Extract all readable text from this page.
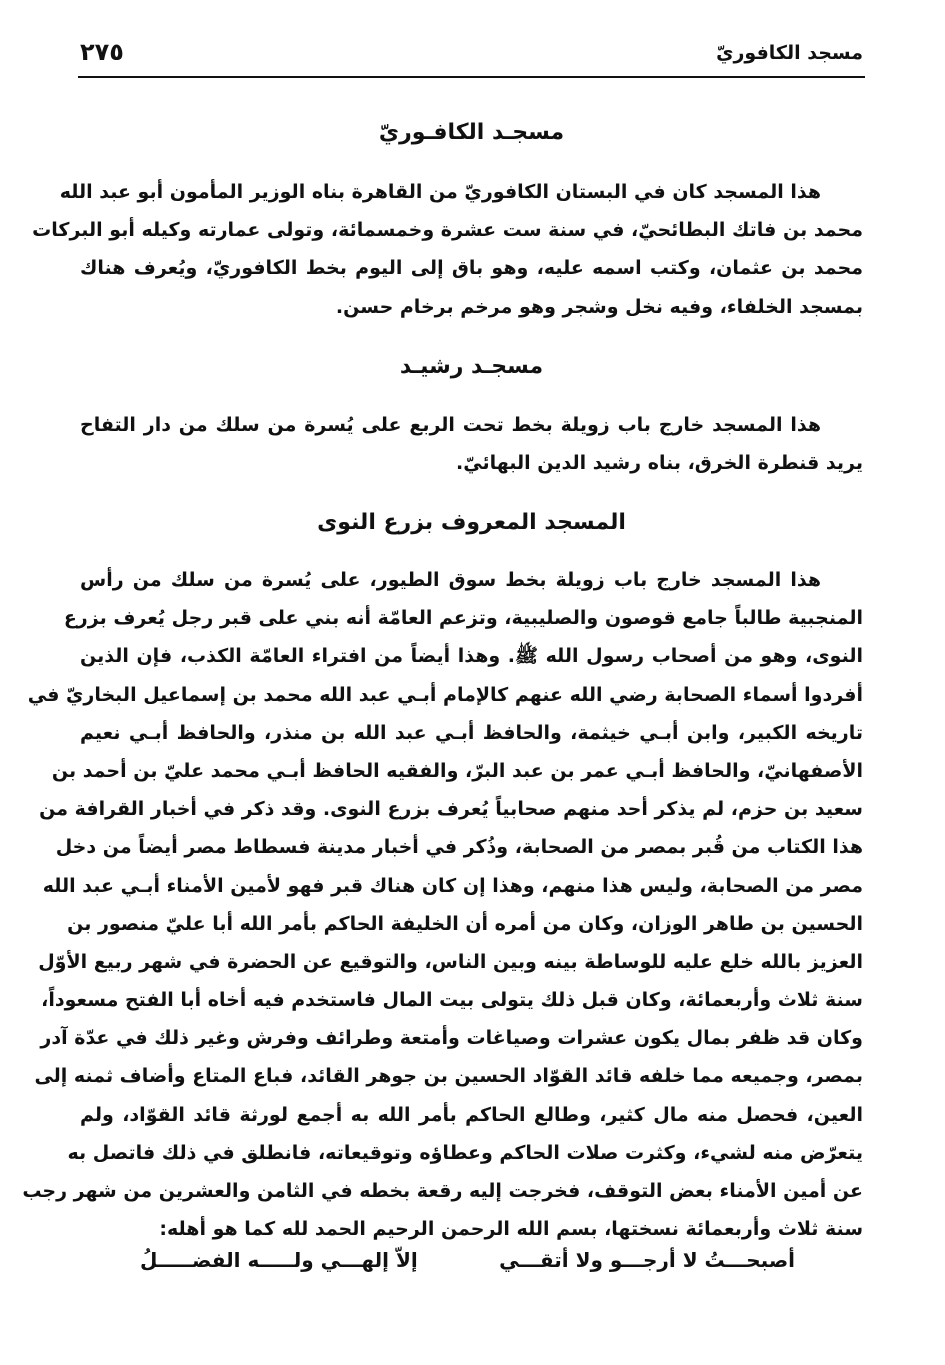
مسجد الكافوريّ
٢٧٥
مسجـد الكافـوريّ
هذا المسجد كان في البستان الكافوريّ من القاهرة بناه الوزير المأمون أبو عبد الله
محمد بن فاتك البطائحيّ، في سنة ست عشرة وخمسمائة، وتولى عمارته وكيله أبو البركات
محمد بن عثمان، وكتب اسمه عليه، وهو باق إلى اليوم بخط الكافوريّ، ويُعرف هناك
بمسجد الخلفاء، وفيه نخل وشجر وهو مرخم برخام حسن.
مسجـد رشيـد
هذا المسجد خارج باب زويلة بخط تحت الربع على يُسرة من سلك من دار التفاح
يريد قنطرة الخرق، بناه رشيد الدين البهائيّ.
المسجد المعروف بزرع النوى
هذا المسجد خارج باب زويلة بخط سوق الطيور، على يُسرة من سلك من رأس
المنجبية طالباً جامع قوصون والصليبية، وتزعم العامّة أنه بني على قبر رجل يُعرف بزرع
النوى، وهو من أصحاب رسول الله ﷺ. وهذا أيضاً من افتراء العامّة الكذب، فإن الذين
أفردوا أسماء الصحابة رضي الله عنهم كالإمام أبـي عبد الله محمد بن إسماعيل البخاريّ في
تاريخه الكبير، وابن أبـي خيثمة، والحافظ أبـي عبد الله بن منذر، والحافظ أبـي نعيم
الأصفهانيّ، والحافظ أبـي عمر بن عبد البرّ، والفقيه الحافظ أبـي محمد عليّ بن أحمد بن
سعيد بن حزم، لم يذكر أحد منهم صحابياً يُعرف بزرع النوى. وقد ذكر في أخبار القرافة من
هذا الكتاب من قُبر بمصر من الصحابة، وذُكر في أخبار مدينة فسطاط مصر أيضاً من دخل
مصر من الصحابة، وليس هذا منهم، وهذا إن كان هناك قبر فهو لأمين الأمناء أبـي عبد الله
الحسين بن طاهر الوزان، وكان من أمره أن الخليفة الحاكم بأمر الله أبا عليّ منصور بن
العزيز بالله خلع عليه للوساطة بينه وبين الناس، والتوقيع عن الحضرة في شهر ربيع الأوّل
سنة ثلاث وأربعمائة، وكان قبل ذلك يتولى بيت المال فاستخدم فيه أخاه أبا الفتح مسعوداً،
وكان قد ظفر بمال يكون عشرات وصياغات وأمتعة وطرائف وفرش وغير ذلك في عدّة آدر
بمصر، وجميعه مما خلفه قائد القوّاد الحسين بن جوهر القائد، فباع المتاع وأضاف ثمنه إلى
العين، فحصل منه مال كثير، وطالع الحاكم بأمر الله به أجمع لورثة قائد القوّاد، ولم
يتعرّض منه لشيء، وكثرت صلات الحاكم وعطاؤه وتوقيعاته، فانطلق في ذلك فاتصل به
عن أمين الأمناء بعض التوقف، فخرجت إليه رقعة بخطه في الثامن والعشرين من شهر رجب
سنة ثلاث وأربعمائة نسختها، بسم الله الرحمن الرحيم الحمد لله كما هو أهله:
أصبحـــتُ لا أرجـــو ولا أتقـــي
إلاّ إلهـــي ولـــــه الفضـــــلُ
